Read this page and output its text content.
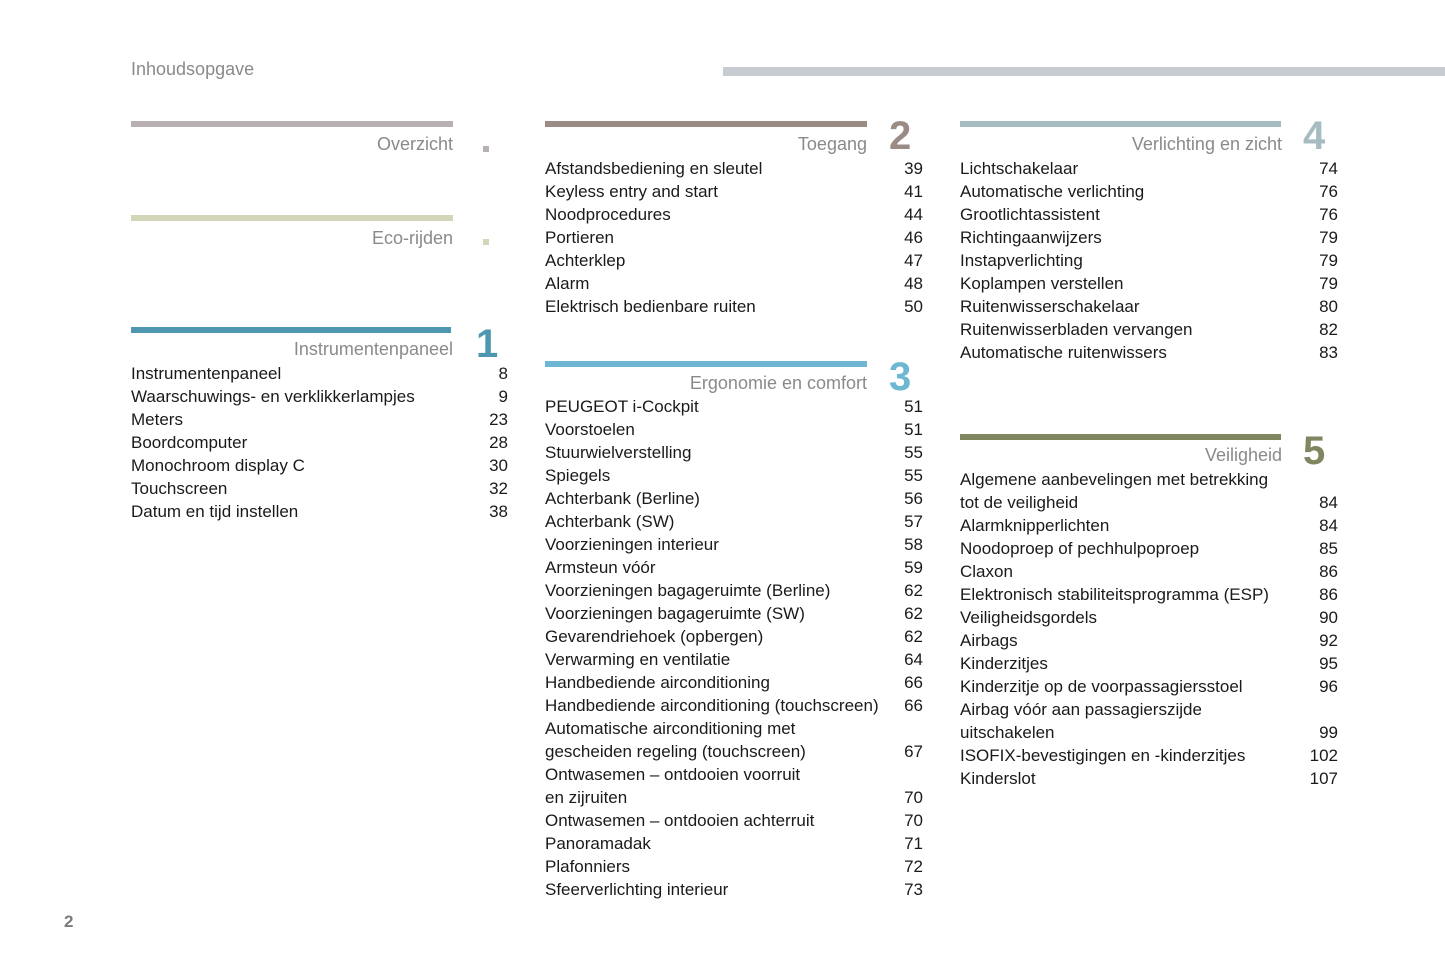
Inhoudsopgave
Overzicht
Eco-rijden
Instrumentenpaneel 1
Instrumentenpaneel	8
Waarschuwings- en verklikkerlampjes	9
Meters	23
Boordcomputer	28
Monochroom display C	30
Touchscreen	32
Datum en tijd instellen	38
Toegang 2
Afstandsbediening en sleutel	39
Keyless entry and start	41
Noodprocedures	44
Portieren	46
Achterklep	47
Alarm	48
Elektrisch bedienbare ruiten	50
Ergonomie en comfort 3
PEUGEOT i-Cockpit	51
Voorstoelen	51
Stuurwielverstelling	55
Spiegels	55
Achterbank (Berline)	56
Achterbank (SW)	57
Voorzieningen interieur	58
Armsteun vóór	59
Voorzieningen bagageruimte (Berline)	62
Voorzieningen bagageruimte (SW)	62
Gevarendriehoek (opbergen)	62
Verwarming en ventilatie	64
Handbediende airconditioning	66
Handbediende airconditioning (touchscreen) 66
Automatische airconditioning met
gescheiden regeling (touchscreen)	67
Ontwasemen – ontdooien voorruit
en zijruiten	70
Ontwasemen – ontdooien achterruit	70
Panoramadak	71
Plafonniers	72
Sfeerverlichting interieur	73
Verlichting en zicht 4
Lichtschakelaar	74
Automatische verlichting	76
Grootlichtassistent	76
Richtingaanwijzers	79
Instapverlichting	79
Koplampen verstellen	79
Ruitenwisserschakelaar	80
Ruitenwisserbladen vervangen	82
Automatische ruitenwissers	83
Veiligheid 5
Algemene aanbevelingen met betrekking
tot de veiligheid	84
Alarmknipperlichten	84
Noodoproep of pechhulpoproep	85
Claxon	86
Elektronisch stabiliteitsprogramma (ESP)	86
Veiligheidsgordels	90
Airbags	92
Kinderzitjes	95
Kinderzitje op de voorpassagiersstoel	96
Airbag vóór aan passagierszijde
uitschakelen	99
ISOFIX-bevestigingen en -kinderzitjes	102
Kinderslot	107
2
